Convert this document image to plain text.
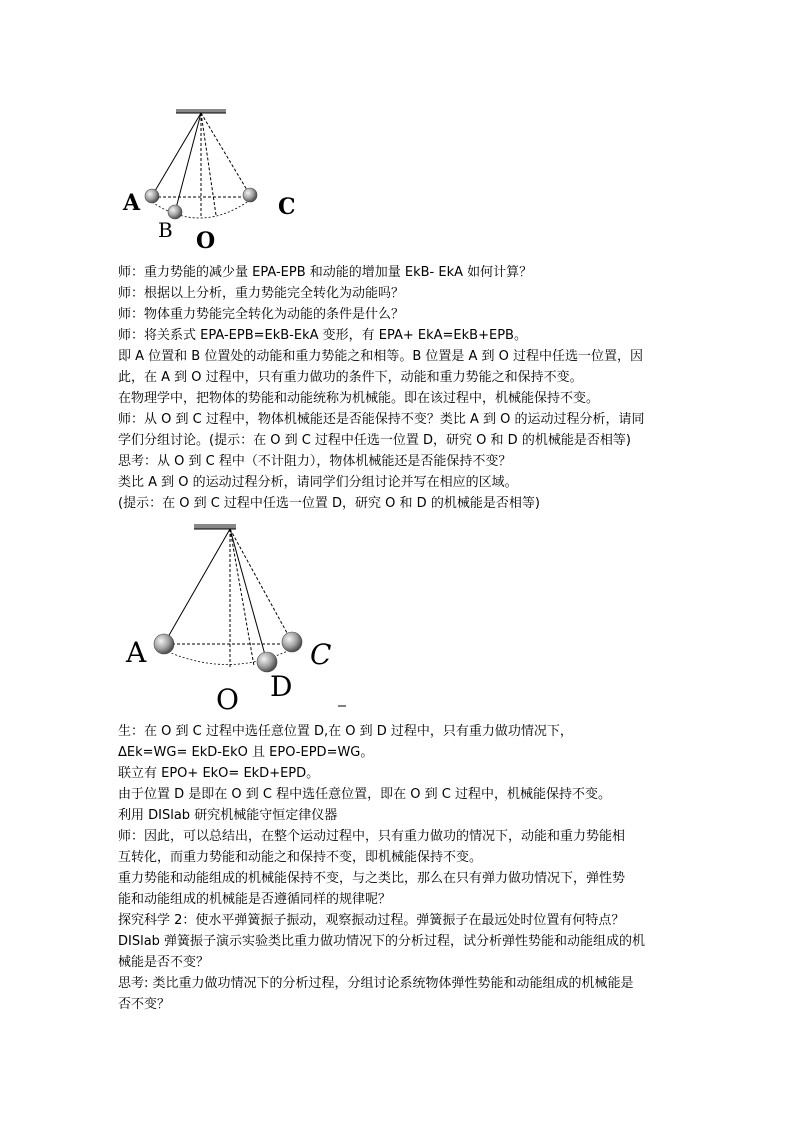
A
B O
C
师：重力势能的减少量 EPA-EPB 和动能的增加量 EkB- EkA 如何计算？
师：根据以上分析，重力势能完全转化为动能吗？
师：物体重力势能完全转化为动能的条件是什么？
师：将关系式 EPA-EPB=EkB-EkA 变形，有 EPA+ EkA=EkB+EPB。
即 A 位置和 B 位置处的动能和重力势能之和相等。B 位置是 A 到 O 过程中任选一位置，因
此，在 A 到 O 过程中，只有重力做功的条件下，动能和重力势能之和保持不变。
在物理学中，把物体的势能和动能统称为机械能。即在该过程中，机械能保持不变。
师：从 O 到 C 过程中，物体机械能还是否能保持不变？类比 A 到 O 的运动过程分析，请同
学们分组讨论。(提示：在 O 到 C 过程中任选一位置 D，研究 O 和 D 的机械能是否相等)
思考：从 O 到 C 程中（不计阻力），物体机械能还是否能保持不变？
类比 A 到 O 的运动过程分析，请同学们分组讨论并写在相应的区域。
(提示：在 O 到 C 过程中任选一位置 D，研究 O 和 D 的机械能是否相等)
A	C
D
O
生：在 O 到 C 过程中选任意位置 D,在 O 到 D 过程中，只有重力做功情况下，
ΔEk=WG= EkD-EkO 且 EPO-EPD=WG。
联立有 EPO+ EkO= EkD+EPD。
由于位置 D 是即在 O 到 C 程中选任意位置，即在 O 到 C 过程中，机械能保持不变。
利用 DISlab 研究机械能守恒定律仪器
师：因此，可以总结出，在整个运动过程中，只有重力做功的情况下，动能和重力势能相
互转化，而重力势能和动能之和保持不变，即机械能保持不变。
重力势能和动能组成的机械能保持不变，与之类比，那么在只有弹力做功情况下，弹性势
能和动能组成的机械能是否遵循同样的规律呢？
探究科学 2：使水平弹簧振子振动，观察振动过程。弹簧振子在最远处时位置有何特点？
DISlab 弹簧振子演示实验类比重力做功情况下的分析过程，试分析弹性势能和动能组成的机
械能是否不变？
思考: 类比重力做功情况下的分析过程，分组讨论系统物体弹性势能和动能组成的机械能是
否不变？
